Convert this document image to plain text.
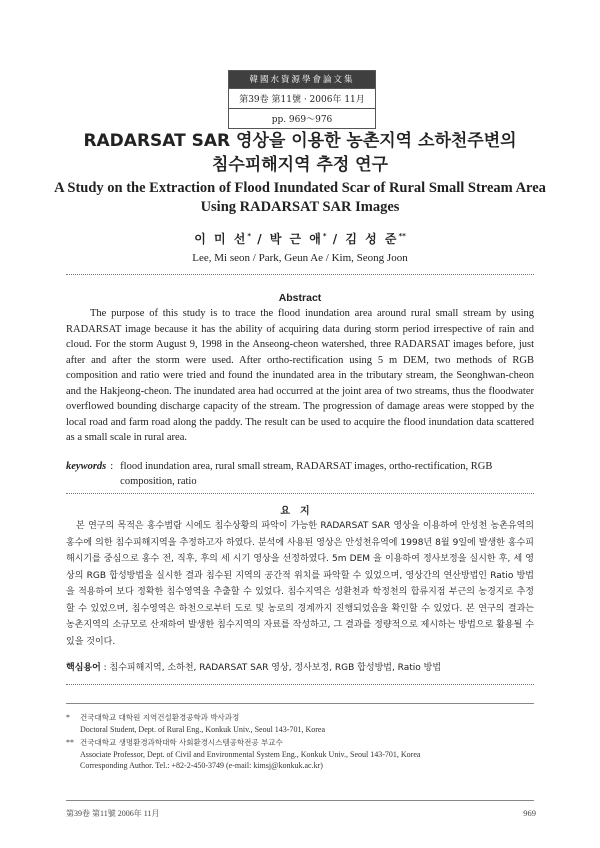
韓國水資源學會論文集
第39卷 第11號 · 2006年 11月
pp. 969～976
RADARSAT SAR 영상을 이용한 농촌지역 소하천주변의
침수피해지역 추정 연구
A Study on the Extraction of Flood Inundated Scar of Rural Small Stream Area
Using RADARSAT SAR Images
이 미 선* / 박 근 애* / 김 성 준**
Lee, Mi seon / Park, Geun Ae / Kim, Seong Joon
Abstract

The purpose of this study is to trace the flood inundation area around rural small stream by using RADARSAT image because it has the ability of acquiring data during storm period irrespective of rain and cloud. For the storm August 9, 1998 in the Anseong-cheon watershed, three RADARSAT images before, just after and after the storm were used. After ortho-rectification using 5 m DEM, two methods of RGB composition and ratio were tried and found the inundated area in the tributary stream, the Seonghwan-cheon and the Hakjeong-cheon. The inundated area had occurred at the joint area of two streams, thus the floodwater overflowed bounding discharge capacity of the stream. The progression of damage areas were stopped by the local road and farm road along the paddy. The result can be used to acquire the flood inundation data scattered as a small scale in rural area.

keywords : flood inundation area, rural small stream, RADARSAT images, ortho-rectification, RGB composition, ratio
요지

본 연구의 목적은 홍수범람 시에도 침수상황의 파악이 가능한 RADARSAT SAR 영상을 이용하여 안성천 농촌유역의 홍수에 의한 침수피해지역을 추정하고자 하였다. 분석에 사용된 영상은 안성천유역에 1998년 8월 9일에 발생한 홍수피해시기를 중심으로 홍수 전, 직후, 후의 세 시기 영상을 선정하였다. 5m DEM 을 이용하여 정사보정을 실시한 후, 세 영상의 RGB 합성방법을 실시한 결과 침수된 지역의 공간적 위치를 파악할 수 있었으며, 영상간의 연산방법인 Ratio 방법을 적용하여 보다 정확한 침수영역을 추출할 수 있었다. 침수지역은 성환천과 학정천의 합류지점 부근의 농경지로 추정할 수 있었으며, 침수영역은 하천으로부터 도로 및 농로의 경계까지 진행되었음을 확인할 수 있었다. 본 연구의 결과는 농촌지역의 소규모로 산재하여 발생한 침수지역의 자료를 작성하고, 그 결과를 정량적으로 제시하는 방법으로 활용될 수 있을 것이다.

핵심용어 : 침수피해지역, 소하천, RADARSAT SAR 영상, 정사보정, RGB 합성방법, Ratio 방법
*	건국대학교 대학원 지역건설환경공학과 박사과정
Doctoral Student, Dept. of Rural Eng., Konkuk Univ., Seoul 143-701, Korea
** 건국대학교 생명환경과학대학 사회환경시스템공학전공 부교수
Associate Professor, Dept. of Civil and Environmental System Eng., Konkuk Univ., Seoul 143-701, Korea
Corresponding Author. Tel.: +82-2-450-3749 (e-mail: kimsj@konkuk.ac.kr)
第39卷 第11號 2006年 11月	969
